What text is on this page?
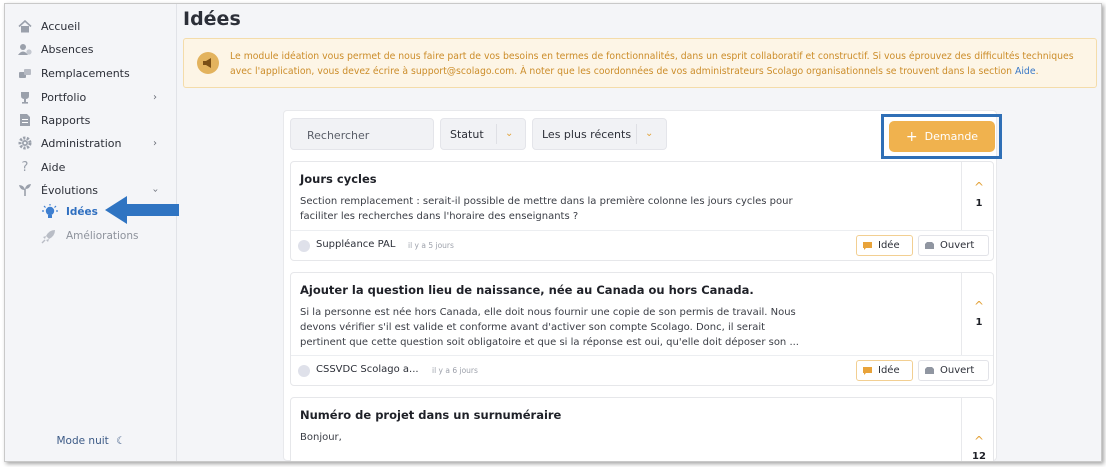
Accueil
Absences
Remplacements
Portfolio	›
Rapports
Administration	›
?	Aide
Évolutions	›
Idées
Améliorations
Mode nuit ☾
Idées
Le module idéation vous permet de nous faire part de vos besoins en termes de fonctionnalités, dans un esprit collaboratif et constructif. Si vous éprouvez des difficultés techniques avec l'application, vous devez écrire à support@scolago.com. À noter que les coordonnées de vos administrateurs Scolago organisationnels se trouvent dans la section Aide.
Rechercher	Statut ⌄	Les plus récents ⌄	+ Demande
Jours cycles
Section remplacement : serait-il possible de mettre dans la première colonne les jours cycles pour faciliter les recherches dans l'horaire des enseignants ?
^
1
Suppléance PAL il y a 5 jours	Idée	Ouvert
Ajouter la question lieu de naissance, née au Canada ou hors Canada.
Si la personne est née hors Canada, elle doit nous fournir une copie de son permis de travail. Nous devons vérifier s'il est valide et conforme avant d'activer son compte Scolago. Donc, il serait pertinent que cette question soit obligatoire et que si la réponse est oui, qu'elle doit déposer son ...
^
1
CSSVDC Scolago a... il y a 6 jours	Idée	Ouvert
Numéro de projet dans un surnuméraire
Bonjour,	^
12
